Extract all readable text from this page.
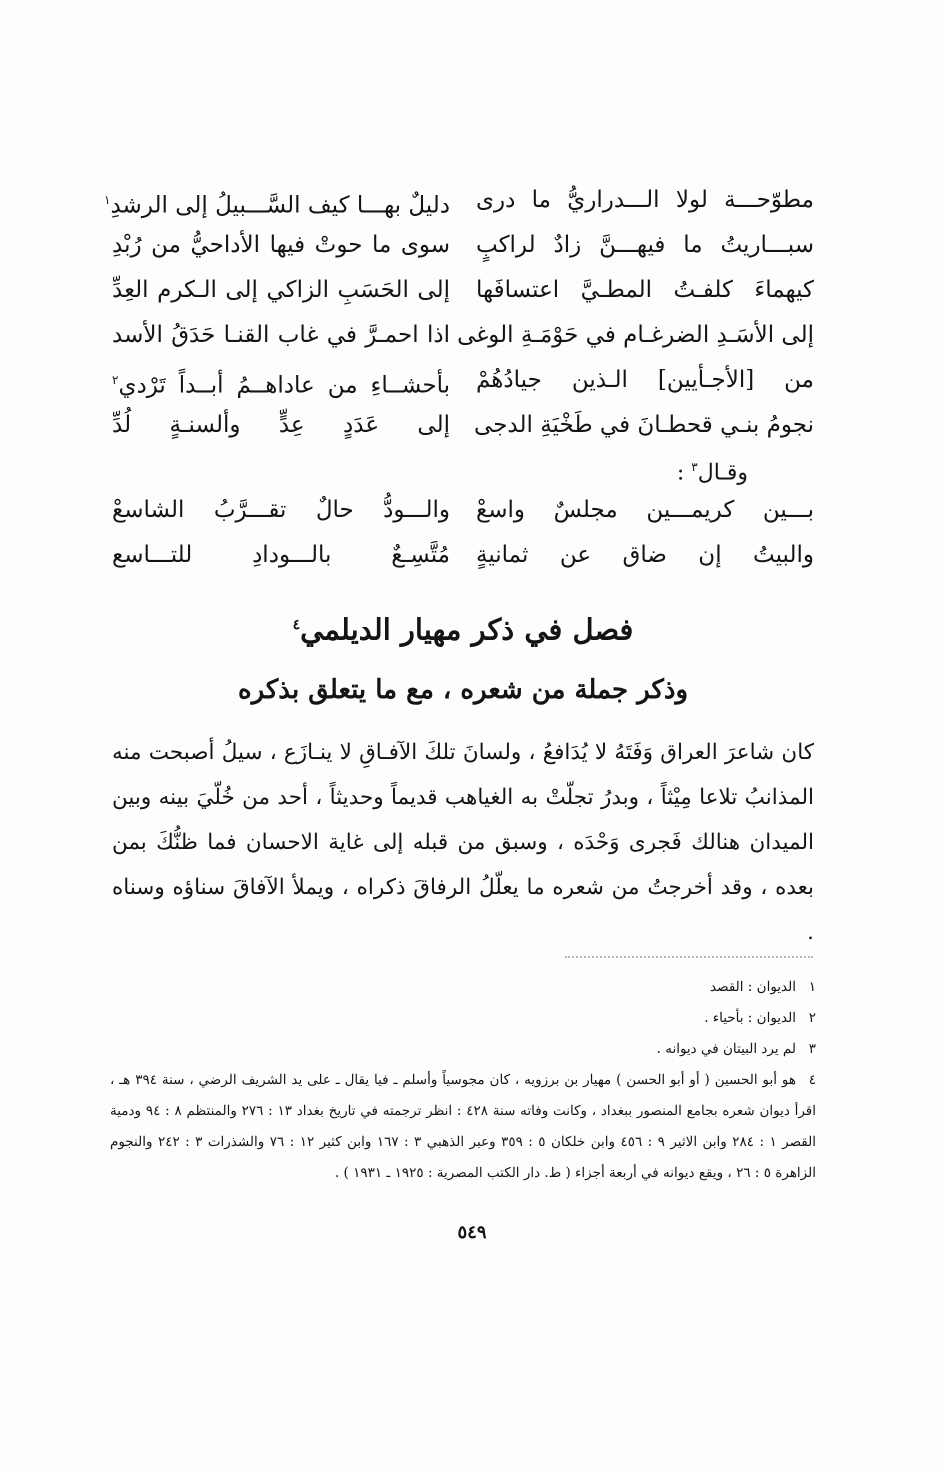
مطوّحـــة لولا الـــدراريُّ ما درى
دليلٌ بهـــا كيف السَّـــبيلُ إلى الرشدِ$^١$
سبـــاريتُ ما فيهـــنَّ زادٌ لراكبٍ
سوى ما حوتْ فيها الأداحيُّ من رُبْدِ
كيهماءَ كلفـتُ المطـيَّ اعتسافَها
إلى الحَسَبِ الزاكي إلى الـكرم العِدِّ
إلى الأسَـدِ الضرغـام في حَوْمَـةِ الوغى
اذا احمـرَّ في غاب القنـا حَدَقُ الأسد
من [الأجـأيين] الـذين جيادُهُمْ
بأحشــاءِ من عاداهــمُ أبــداً تَرْدي$^٢$
نجومُ بنـي قحطـانَ في طَخْيَةِ الدجى
إلى عَدَدٍ عِدٍّ وألسنـةٍ لُدِّ
وقـال$^٣$ :
بـــين كريمـــين مجلسٌ واسعْ
والـــودُّ حالٌ تقـــرَّبُ الشاسعْ
والبيتُ إن ضاق عن ثمانيةٍ
مُتَّسِـعٌ بالـــودادِ للتـــاسع
فصل في ذكر مهيار الديلمي$^٤$
وذكر جملة من شعره ، مع ما يتعلق بذكره

كان شاعرَ العراق وَفَتَهُ لا يُدَافعُ ، ولسانَ تلكَ الآفـاقِ لا ينـازَع ، سيلُ أصبحت منه المذانبُ تلاعا مِيْثاً ، وبدرُ تجلّتْ به الغياهب قديماً وحديثاً ، أحد من خُلّيَ بينه وبين الميدان هنالك فَجرى وَحْدَه ، وسبق من قبله إلى غاية الاحسان فما ظنُّكَ بمن بعده ، وقد أخرجتُ من شعره ما يعلّلُ الرفاقَ ذكراه ، ويملأ الآفاقَ سناؤه وسناه .

١الديوان : القصد

٢الديوان : بأحياء .

٣لم يرد البيتان في ديوانه .

٤هو أبو الحسين ( أو أبو الحسن ) مهيار بن برزويه ، كان مجوسياً وأسلم ـ فيا يقال ـ على يد الشريف الرضي ، سنة ٣٩٤ هـ ، اقرأ ديوان شعره بجامع المنصور ببغداد ، وكانت وفاته سنة ٤٢٨ : انظر ترجمته في تاريخ بغداد ١٣ : ٢٧٦ والمنتظم ٨ : ٩٤ ودمية القصر ١ : ٢٨٤ وابن الاثير ٩ : ٤٥٦ وابن خلكان ٥ : ٣٥٩ وعبر الذهبي ٣ : ١٦٧ وابن كثير ١٢ : ٧٦ والشذرات ٣ : ٢٤٢ والنجوم الزاهرة ٥ : ٢٦ ، ويقع ديوانه في أربعة أجزاء ( ط. دار الكتب المصرية : ١٩٢٥ ـ ١٩٣١ ) .

٥٤٩
